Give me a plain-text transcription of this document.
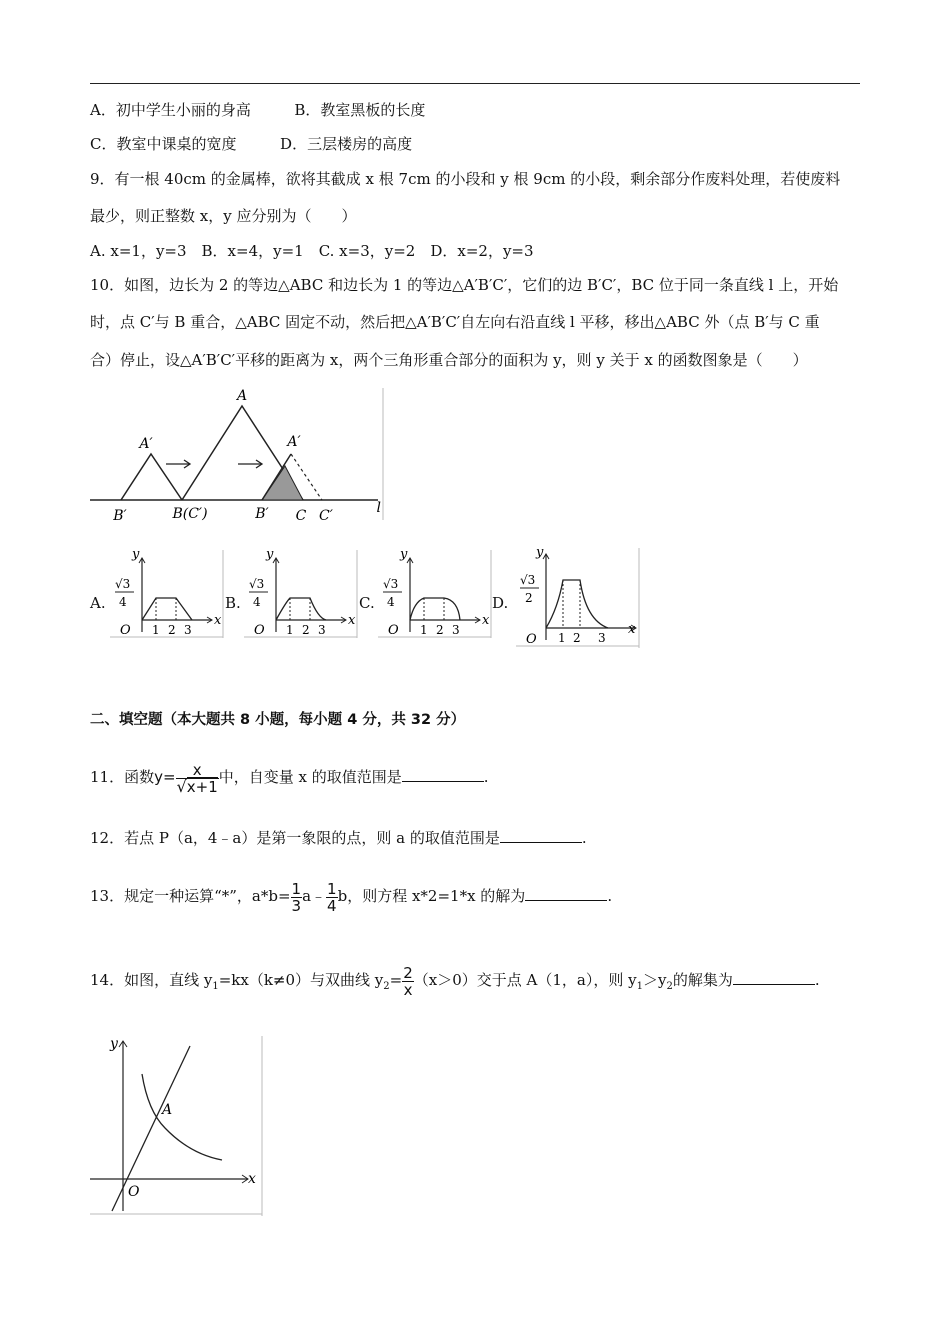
A．初中学生小丽的身高	B．教室黑板的长度
C．教室中课桌的宽度	D．三层楼房的高度
9．有一根 40cm 的金属棒，欲将其截成 x 根 7cm 的小段和 y 根 9cm 的小段，剩余部分作废料处理，若使废料
最少，则正整数 x，y 应分别为（　　）
A. x=1，y=3　B．x=4，y=1　C. x=3，y=2　D．x=2，y=3
10．如图，边长为 2 的等边△ABC 和边长为 1 的等边△A′B′C′，它们的边 B′C′，BC 位于同一条直线 l 上，开始
时，点 C′与 B 重合，△ABC 固定不动，然后把△A′B′C′自左向右沿直线 l 平移，移出△ABC 外（点 B′与 C 重
合）停止，设△A′B′C′平移的距离为 x，两个三角形重合部分的面积为 y，则 y 关于 x 的函数图象是（　　）
A
A′	A′
B′	B(C′)	B′ C C′	l
A.	B.	C.	D.
y
x
O
√3
4
1 2 3
y
x
O
√3
4
1 2 3
y
x
O
√3
4
1 2 3
y
x
O
√3
2
1 2 3
二、填空题（本大题共 8 小题，每小题 4 分，共 32 分）
11．函数$y= \frac{x}{√x+1}$ 中，自变量 x 的取值范围是	.
12．若点 P（a，4﹣a）是第一象限的点，则 a 的取值范围是	.
13．规定一种运算“*”，$a*b= \frac{1}{3}$ a﹣ $\frac{1}{4}$ b，则方程 x*2=1*x 的解为	.
14．如图，直线 $y_1=kx(k\ne 0)$与双曲线 $y_2= \frac{2}{x} (x>0)$交于点 A（1，a），则 $y_1>y_2$的解集为	.
y
x
O
A
